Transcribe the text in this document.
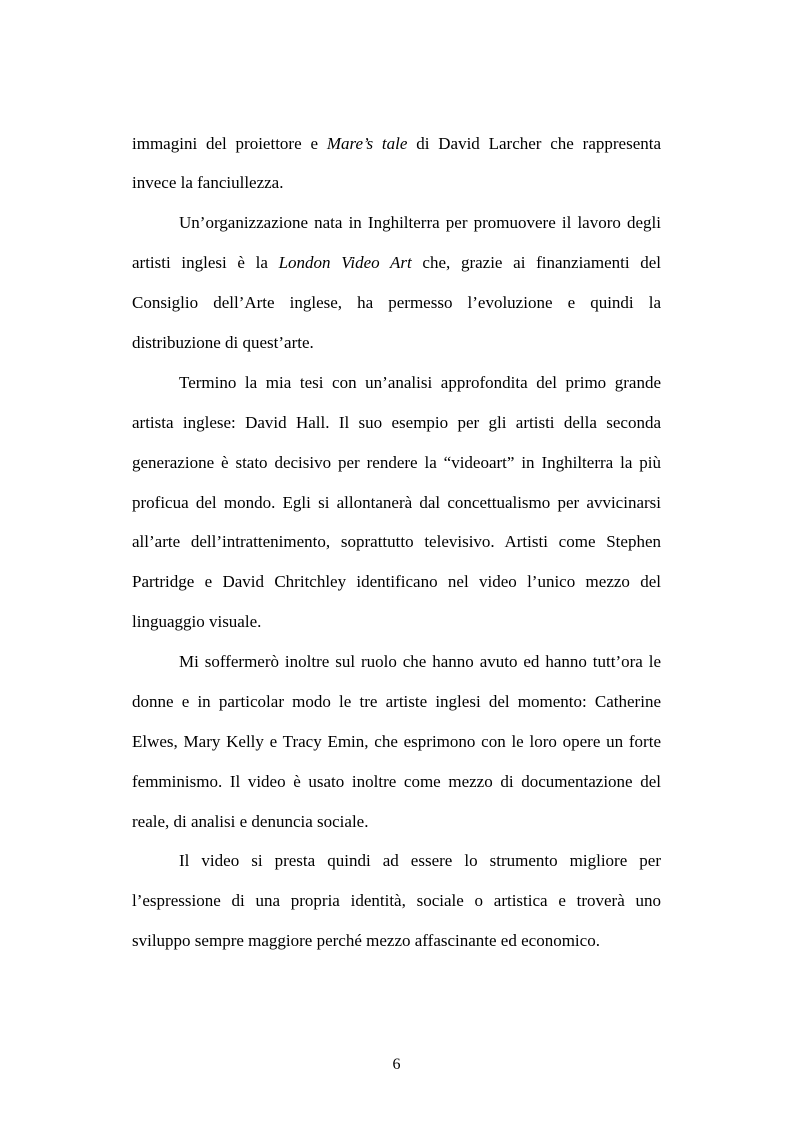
immagini del proiettore e Mare’s tale di David Larcher che rappresenta
invece la fanciullezza.
Un’organizzazione nata in Inghilterra per promuovere il lavoro degli
artisti inglesi è la London Video Art che, grazie ai finanziamenti del
Consiglio dell’Arte inglese, ha permesso l’evoluzione e quindi la
distribuzione di quest’arte.
Termino la mia tesi con un’analisi approfondita del primo grande
artista inglese: David Hall. Il suo esempio per gli artisti della seconda
generazione è stato decisivo per rendere la “videoart” in Inghilterra la più
proficua del mondo. Egli si allontanerà dal concettualismo per avvicinarsi
all’arte dell’intrattenimento, soprattutto televisivo. Artisti come Stephen
Partridge e David Chritchley identificano nel video l’unico mezzo del
linguaggio visuale.
Mi soffermerò inoltre sul ruolo che hanno avuto ed hanno tutt’ora le
donne e in particolar modo le tre artiste inglesi del momento: Catherine
Elwes, Mary Kelly e Tracy Emin, che esprimono con le loro opere un forte
femminismo. Il video è usato inoltre come mezzo di documentazione del
reale, di analisi e denuncia sociale.
Il video si presta quindi ad essere lo strumento migliore per
l’espressione di una propria identità, sociale o artistica e troverà uno
sviluppo sempre maggiore perché mezzo affascinante ed economico.
6
